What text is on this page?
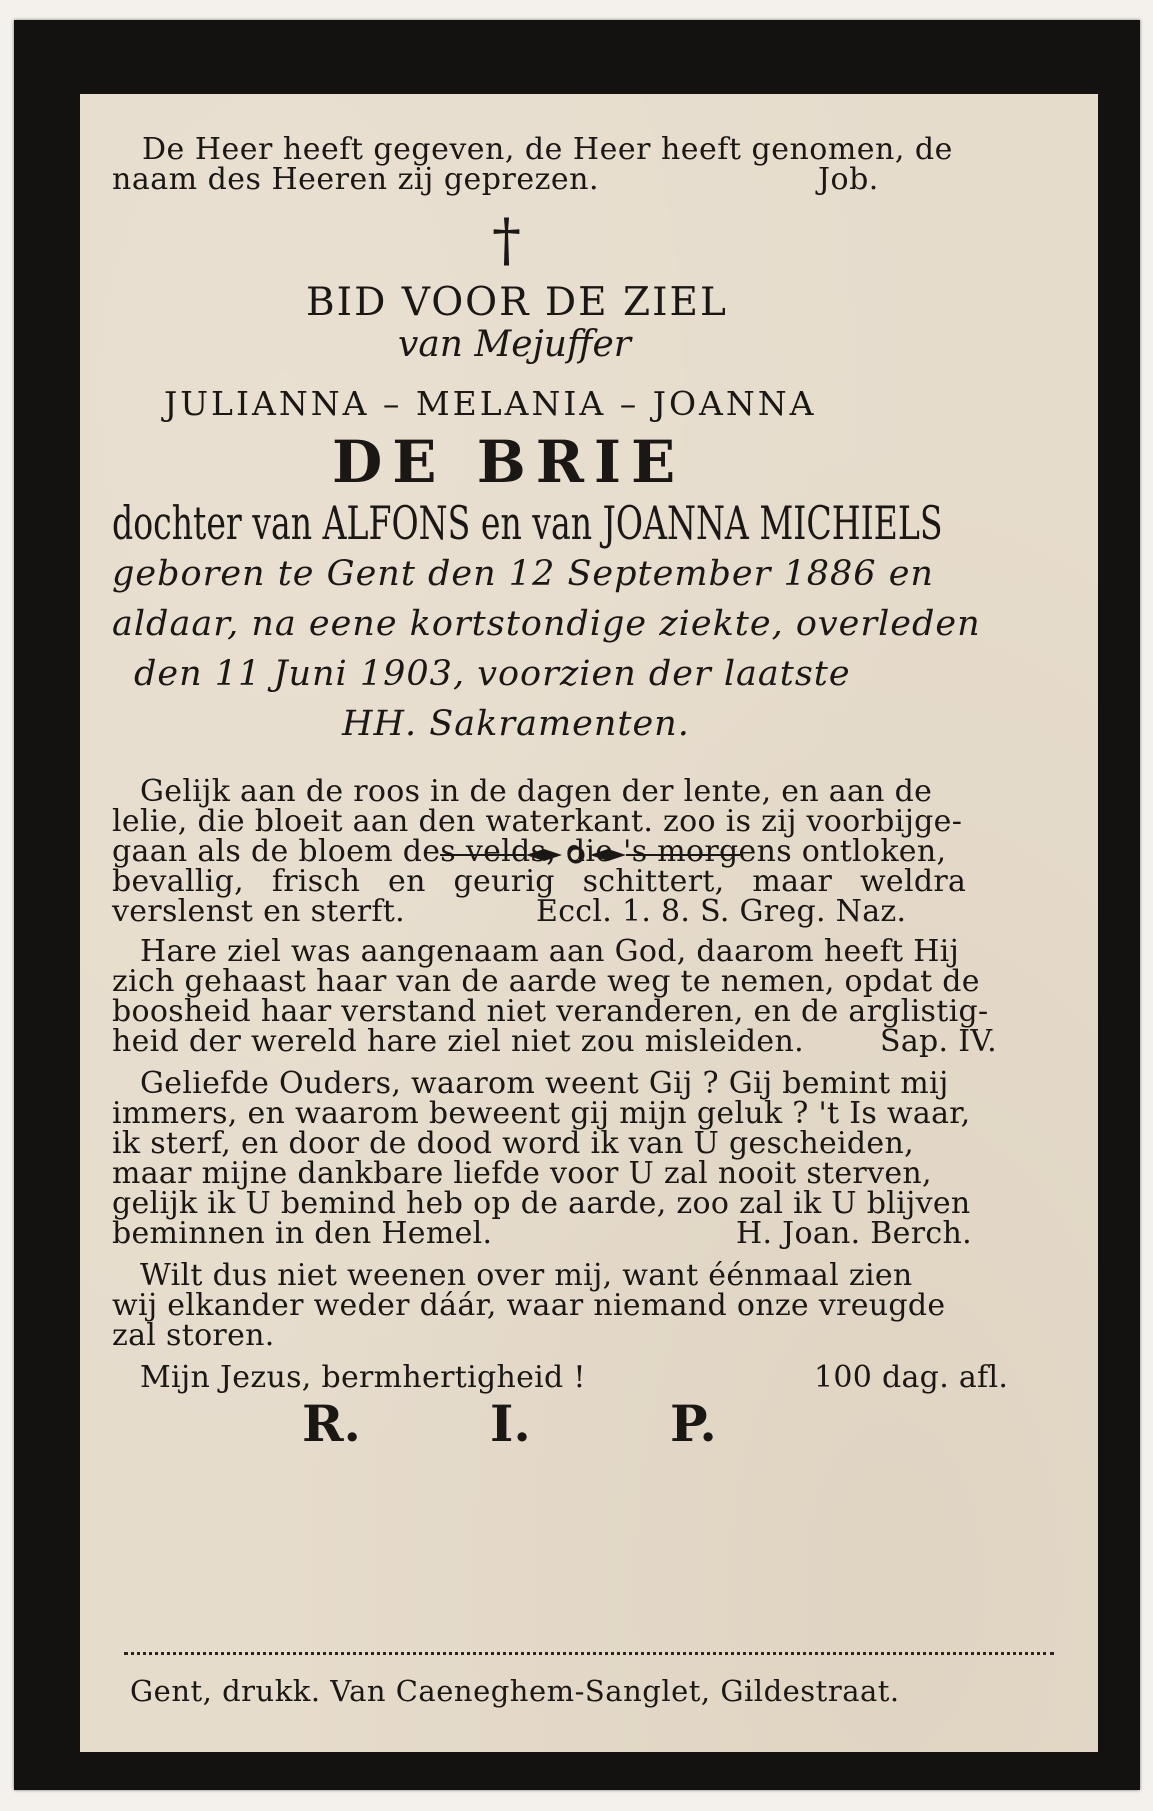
De Heer heeft gegeven, de Heer heeft genomen, de
naam des Heeren zij geprezen.	Job.
†
BID VOOR DE ZIEL
van Mejuffer
JULIANNA – MELANIA – JOANNA
DE BRIE
dochter van ALFONS en van JOANNA MICHIELS
geboren te Gent den 12 September 1886 en
aldaar, na eene kortstondige ziekte, overleden
den 11 Juni 1903, voorzien der laatste
HH. Sakramenten.
Gelijk aan de roos in de dagen der lente, en aan de
lelie, die bloeit aan den waterkant. zoo is zij voorbijge-
gaan als de bloem des velds, die 's morgens ontloken,
bevallig, frisch en geurig schittert, maar weldra
verslenst en sterft.	Eccl. 1. 8. S. Greg. Naz.
Hare ziel was aangenaam aan God, daarom heeft Hij
zich gehaast haar van de aarde weg te nemen, opdat de
boosheid haar verstand niet veranderen, en de arglistig-
heid der wereld hare ziel niet zou misleiden.	Sap. IV.
Geliefde Ouders, waarom weent Gij ? Gij bemint mij
immers, en waarom beweent gij mijn geluk ? 't Is waar,
ik sterf, en door de dood word ik van U gescheiden,
maar mijne dankbare liefde voor U zal nooit sterven,
gelijk ik U bemind heb op de aarde, zoo zal ik U blijven
beminnen in den Hemel.	H. Joan. Berch.
Wilt dus niet weenen over mij, want éénmaal zien
wij elkander weder dáár, waar niemand onze vreugde
zal storen.
Mijn Jezus, bermhertigheid !	100 dag. afl.
R.	I.	P.
Gent, drukk. Van Caeneghem-Sanglet, Gildestraat.
